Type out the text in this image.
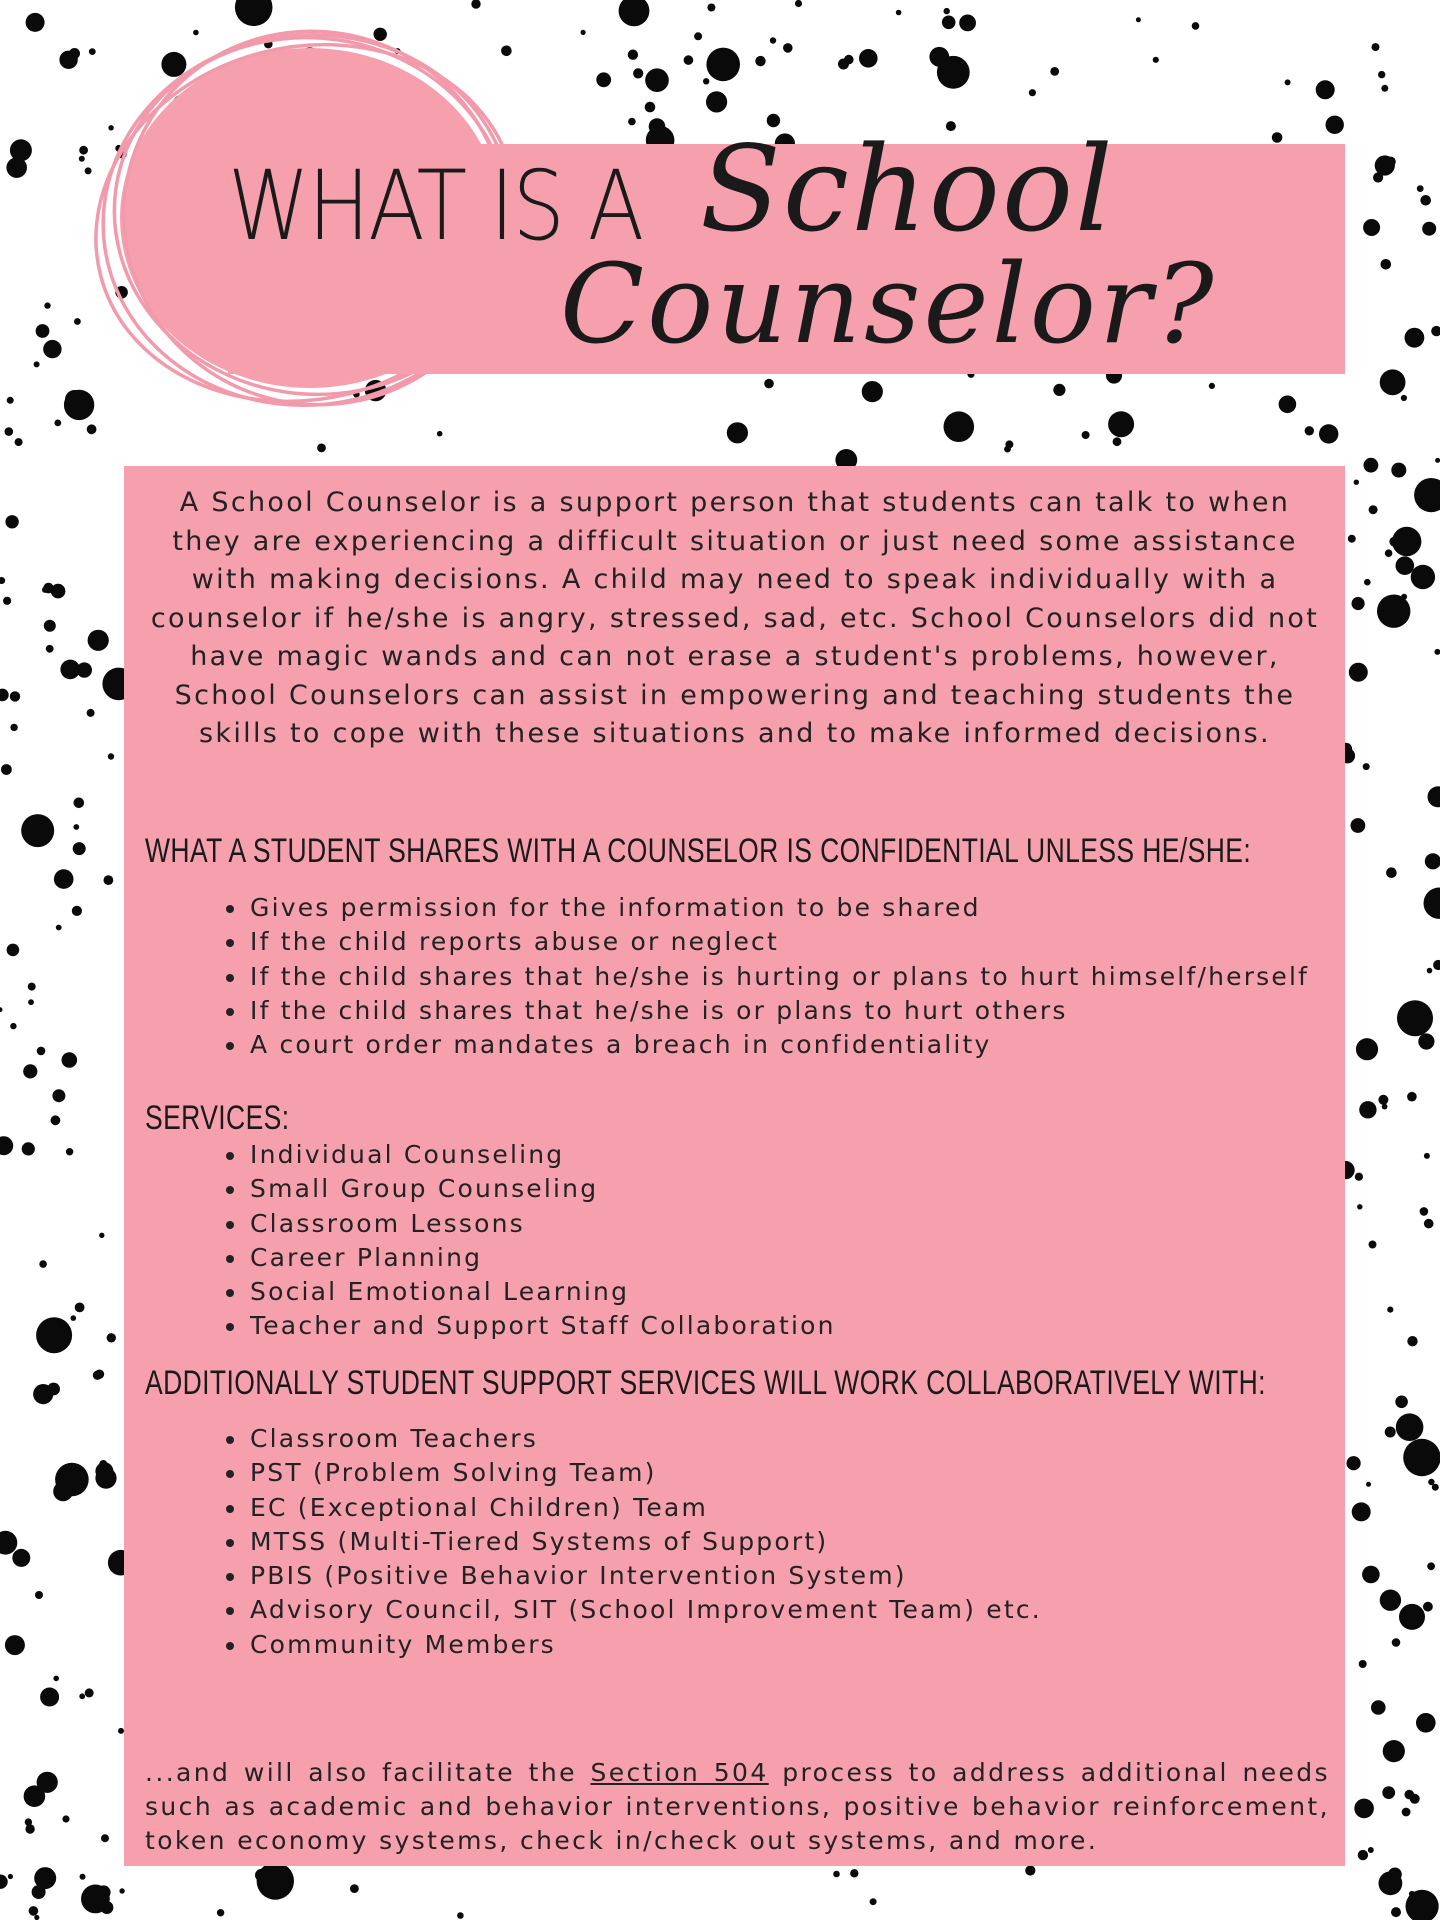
WHAT IS A School
Counselor?

A School Counselor is a support person that students can talk to when they are experiencing a difficult situation or just need some assistance with making decisions. A child may need to speak individually with a counselor if he/she is angry, stressed, sad, etc. School Counselors did not have magic wands and can not erase a student's problems, however, School Counselors can assist in empowering and teaching students the skills to cope with these situations and to make informed decisions.

WHAT A STUDENT SHARES WITH A COUNSELOR IS CONFIDENTIAL UNLESS HE/SHE:
Gives permission for the information to be shared
If the child reports abuse or neglect
If the child shares that he/she is hurting or plans to hurt himself/herself
If the child shares that he/she is or plans to hurt others
A court order mandates a breach in confidentiality
SERVICES:
Individual Counseling
Small Group Counseling
Classroom Lessons
Career Planning
Social Emotional Learning
Teacher and Support Staff Collaboration
ADDITIONALLY STUDENT SUPPORT SERVICES WILL WORK COLLABORATIVELY WITH:
Classroom Teachers
PST (Problem Solving Team)
EC (Exceptional Children) Team
MTSS (Multi-Tiered Systems of Support)
PBIS (Positive Behavior Intervention System)
Advisory Council, SIT (School Improvement Team) etc.
Community Members

...and will also facilitate the Section 504 process to address additional needs such as academic and behavior interventions, positive behavior reinforcement, token economy systems, check in/check out systems, and more.
